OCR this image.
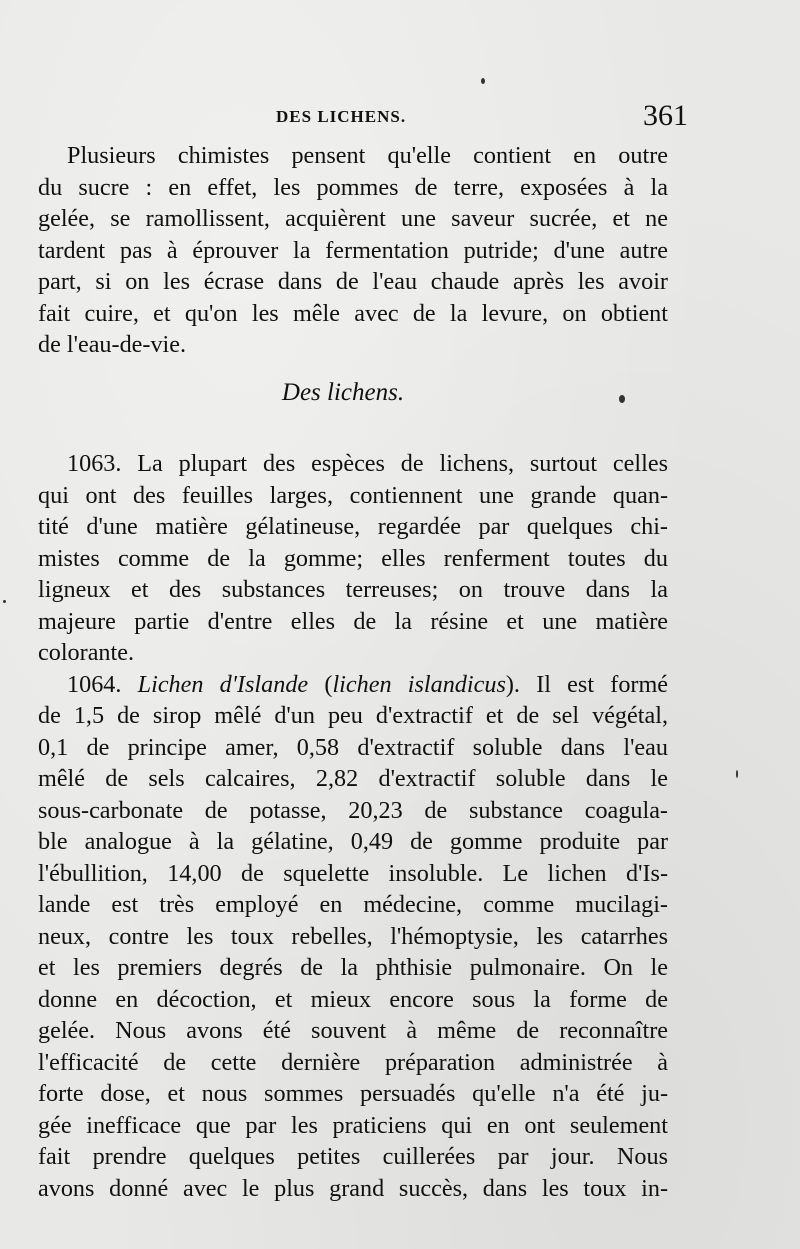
DES LICHENS.	361
Plusieurs chimistes pensent qu'elle contient en outre
du sucre : en effet, les pommes de terre, exposées à la
gelée, se ramollissent, acquièrent une saveur sucrée, et ne
tardent pas à éprouver la fermentation putride; d'une autre
part, si on les écrase dans de l'eau chaude après les avoir
fait cuire, et qu'on les mêle avec de la levure, on obtient
de l'eau-de-vie.
Des lichens.
1063. La plupart des espèces de lichens, surtout celles
qui ont des feuilles larges, contiennent une grande quan-
tité d'une matière gélatineuse, regardée par quelques chi-
mistes comme de la gomme; elles renferment toutes du
ligneux et des substances terreuses; on trouve dans la
majeure partie d'entre elles de la résine et une matière
colorante.
1064. Lichen d'Islande (lichen islandicus). Il est formé
de 1,5 de sirop mêlé d'un peu d'extractif et de sel végétal,
0,1 de principe amer, 0,58 d'extractif soluble dans l'eau
mêlé de sels calcaires, 2,82 d'extractif soluble dans le
sous-carbonate de potasse, 20,23 de substance coagula-
ble analogue à la gélatine, 0,49 de gomme produite par
l'ébullition, 14,00 de squelette insoluble. Le lichen d'Is-
lande est très employé en médecine, comme mucilagi-
neux, contre les toux rebelles, l'hémoptysie, les catarrhes
et les premiers degrés de la phthisie pulmonaire. On le
donne en décoction, et mieux encore sous la forme de
gelée. Nous avons été souvent à même de reconnaître
l'efficacité de cette dernière préparation administrée à
forte dose, et nous sommes persuadés qu'elle n'a été ju-
gée inefficace que par les praticiens qui en ont seulement
fait prendre quelques petites cuillerées par jour. Nous
avons donné avec le plus grand succès, dans les toux in-
